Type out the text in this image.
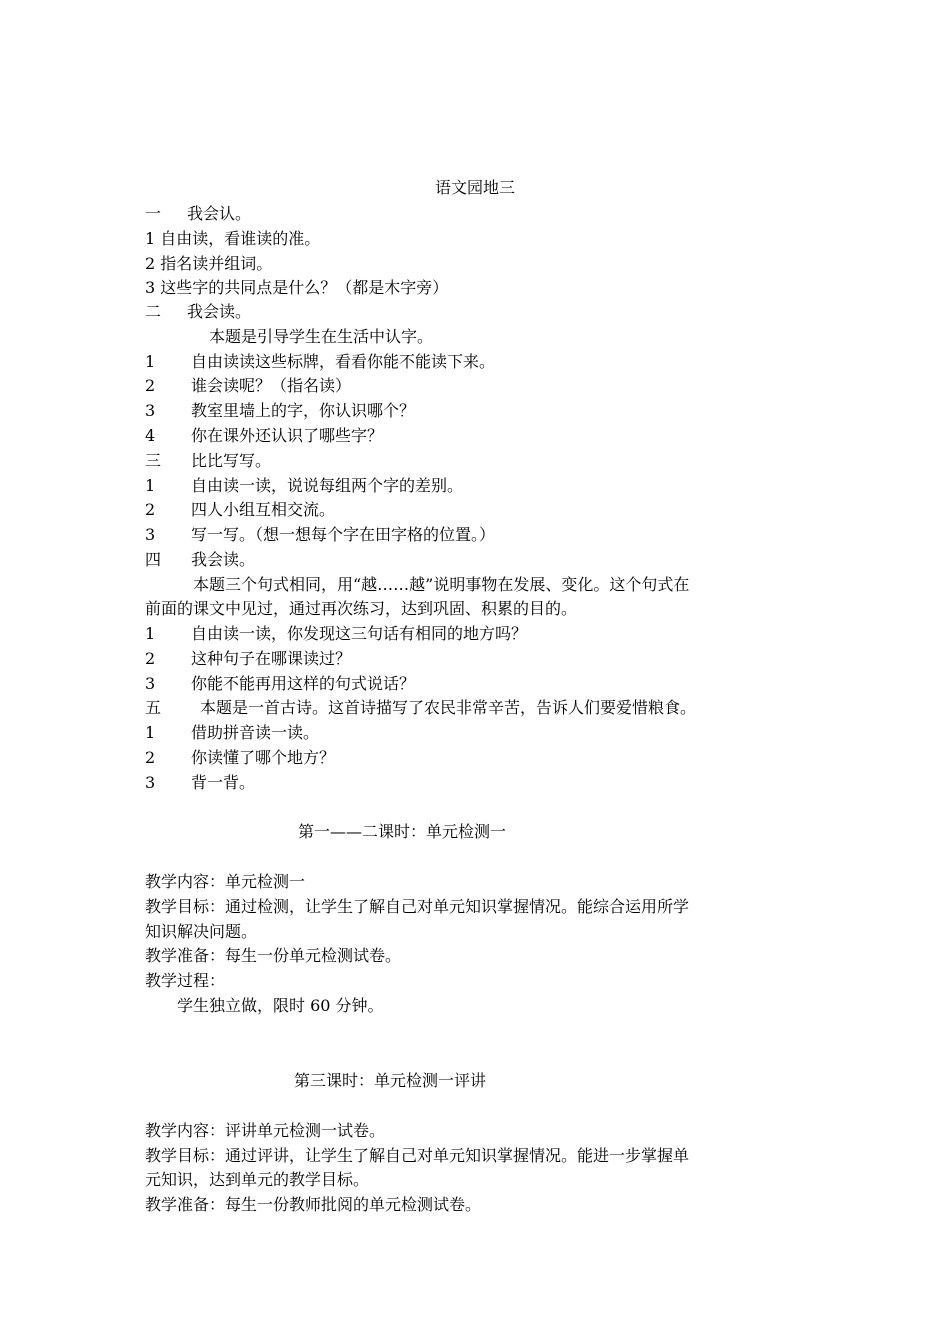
语文园地三
一 我会认。
1 自由读，看谁读的准。
2 指名读并组词。
3 这些字的共同点是什么？（都是木字旁）
二 我会读。
本题是引导学生在生活中认字。
1 自由读读这些标牌，看看你能不能读下来。
2 谁会读呢？（指名读）
3 教室里墙上的字，你认识哪个？
4 你在课外还认识了哪些字？
三 比比写写。
1 自由读一读，说说每组两个字的差别。
2 四人小组互相交流。
3 写一写。（想一想每个字在田字格的位置。）
四 我会读。
本题三个句式相同，用“越……越”说明事物在发展、变化。这个句式在
前面的课文中见过，通过再次练习，达到巩固、积累的目的。
1 自由读一读，你发现这三句话有相同的地方吗？
2 这种句子在哪课读过？
3 你能不能再用这样的句式说话？
五 本题是一首古诗。这首诗描写了农民非常辛苦，告诉人们要爱惜粮食。
1 借助拼音读一读。
2 你读懂了哪个地方？
3 背一背。
第一——二课时：单元检测一
教学内容：单元检测一
教学目标：通过检测，让学生了解自己对单元知识掌握情况。能综合运用所学
知识解决问题。
教学准备：每生一份单元检测试卷。
教学过程：
学生独立做，限时 60 分钟。
第三课时：单元检测一评讲
教学内容：评讲单元检测一试卷。
教学目标：通过评讲，让学生了解自己对单元知识掌握情况。能进一步掌握单
元知识，达到单元的教学目标。
教学准备：每生一份教师批阅的单元检测试卷。
